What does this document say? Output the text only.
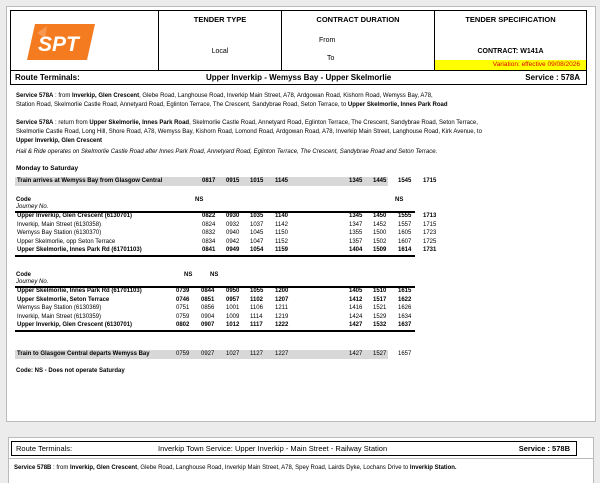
SPT
TENDER TYPE
Local
CONTRACT DURATION
From
To
TENDER SPECIFICATION
CONTRACT: W141A
Variation: effective 09/08/2026
Route Terminals:	Upper Inverkip - Wemyss Bay - Upper Skelmorlie	Service : 578A
Service 578A : from Inverkip, Glen Crescent, Glebe Road, Langhouse Road, Inverkip Main Street, A78, Ardgowan Road, Kishorn Road, Wemyss Bay, A78,
Station Road, Skelmorlie Castle Road, Annetyard Road, Eglinton Terrace, The Crescent, Sandybrae Road, Seton Terrace, to Upper Skelmorlie, Innes Park Road
Service 578A : return from Upper Skelmorlie, Innes Park Road, Skelmorlie Castle Road, Annetyard Road, Eglinton Terrace, The Crescent, Sandybrae Road, Seton Terrace,
Skelmorlie Castle Road, Long Hill, Shore Road, A78, Wemyss Bay, Kishorn Road, Lomond Road, Ardgowan Road, A78, Inverkip Main Street, Langhouse Road, Kirk Avenue, to
Upper Inverkip, Glen Crescent
Hail & Ride operates on Skelmorlie Castle Road after Innes Park Road, Annetyard Road, Eglinton Terrace, The Crescent, Sandybrae Road and Seton Terrace.
Monday to Saturday
Train arrives at Wemyss Bay from Glasgow Central	0817 0915 1015 1145	1345 1445 1545 1715
Code
Journey No.
NS	NS
Upper Inverkip, Glen Crescent (6130701)	0822 0930 1035 1140	1345 1450 1555 1713
Inverkip, Main Street (6130358)	0824 0932 1037 1142	1347 1452 1557 1715
Wemyss Bay Station (6130370)	0832 0940 1045 1150	1355 1500 1605 1723
Upper Skelmorlie, opp Seton Terrace	0834 0942 1047 1152	1357 1502 1607 1725
Upper Skelmorlie, Innes Park Rd (61701103)	0841 0949 1054 1159	1404 1509 1614 1731
Code
Journey No.
NS	NS
Upper Skelmorlie, Innes Park Rd (61701103)	0739 0844 0950 1055 1200	1405 1510 1615
Upper Skelmorlie, Seton Terrace	0746 0851 0957 1102 1207	1412 1517 1622
Wemyss Bay Station (6130369)	0751 0856 1001 1106 1211	1416 1521 1626
Inverkip, Main Street (6130359)	0759 0904 1009 1114 1219	1424 1529 1634
Upper Inverkip, Glen Crescent (6130701)	0802 0907 1012 1117 1222	1427 1532 1637
Train to Glasgow Central departs Wemyss Bay	0759 0927 1027 1127 1227	1427 1527 1657
Code: NS - Does not operate Saturday
Route Terminals:	Inverkip Town Service: Upper Inverkip - Main Street - Railway Station	Service : 578B
Service 578B : from Inverkip, Glen Crescent, Glebe Road, Langhouse Road, Inverkip Main Street, A78, Spey Road, Lairds Dyke, Lochans Drive to Inverkip Station.
